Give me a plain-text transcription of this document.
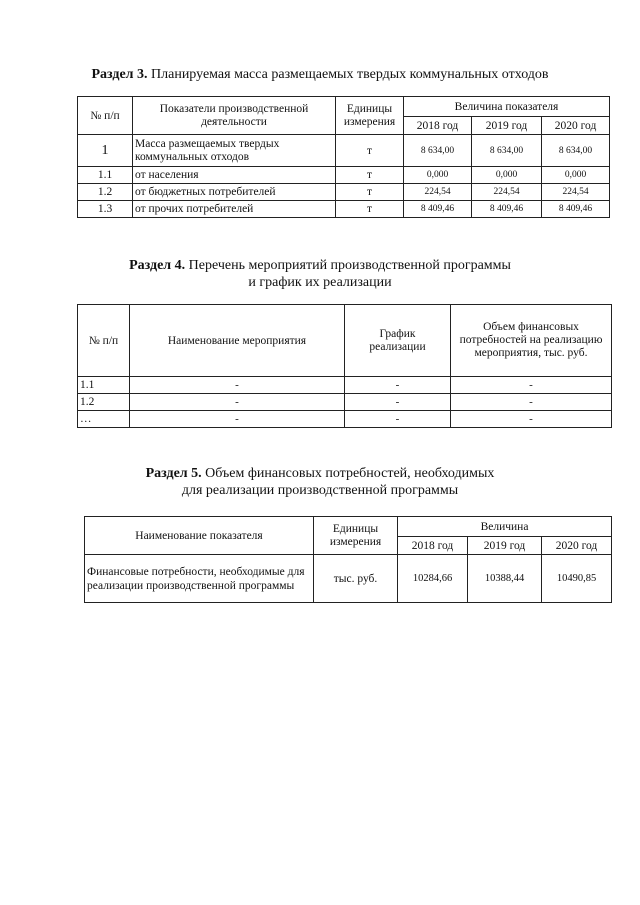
Раздел 3. Планируемая масса размещаемых твердых коммунальных отходов
№ п/п	Показатели производственной деятельности	Единицы измерения	Величина показателя		
			2018 год	2019 год	2020 год
1	Масса размещаемых твердых коммунальных отходов	т	8 634,00	8 634,00	8 634,00
1.1	от населения	т	0,000	0,000	0,000
1.2	от бюджетных потребителей	т	224,54	224,54	224,54
1.3	от прочих потребителей	т	8 409,46	8 409,46	8 409,46
Раздел 4. Перечень мероприятий производственной программы
и график их реализации
№ п/п	Наименование мероприятия	График реализации	Объем финансовых потребностей на реализацию мероприятия, тыс. руб.
1.1	-	-	-
1.2	-	-	-
…	-	-	-
Раздел 5. Объем финансовых потребностей, необходимых
для реализации производственной программы
Наименование показателя	Единицы измерения	Величина		
		2018 год	2019 год	2020 год
Финансовые потребности, необходимые для реализации производственной программы	тыс. руб.	10284,66	10388,44	10490,85
